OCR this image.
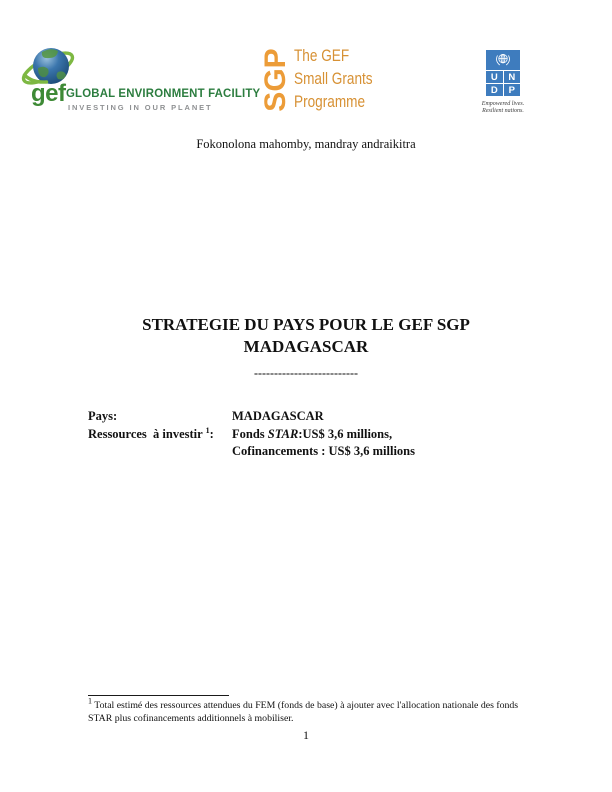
gef GLOBAL ENVIRONMENT FACILITY
INVESTING IN OUR PLANET SGP The GEF
Small Grants
Programme
U	N
D	P
Empowered lives.
Resilient nations.
Fokonolona mahomby, mandray andraikitra
STRATEGIE DU PAYS POUR LE GEF SGP
MADAGASCAR
--------------------------

Pays:

	MADAGASCAR

Ressources  à investir $^1$:

Fonds STAR:US$ 3,6 millions,

Cofinancements : US$ 3,6 millions

$^1$ Total estimé des ressources attendues du FEM (fonds de base) à ajouter avec l'allocation nationale des fonds
STAR plus cofinancements additionnels à mobiliser.
1
